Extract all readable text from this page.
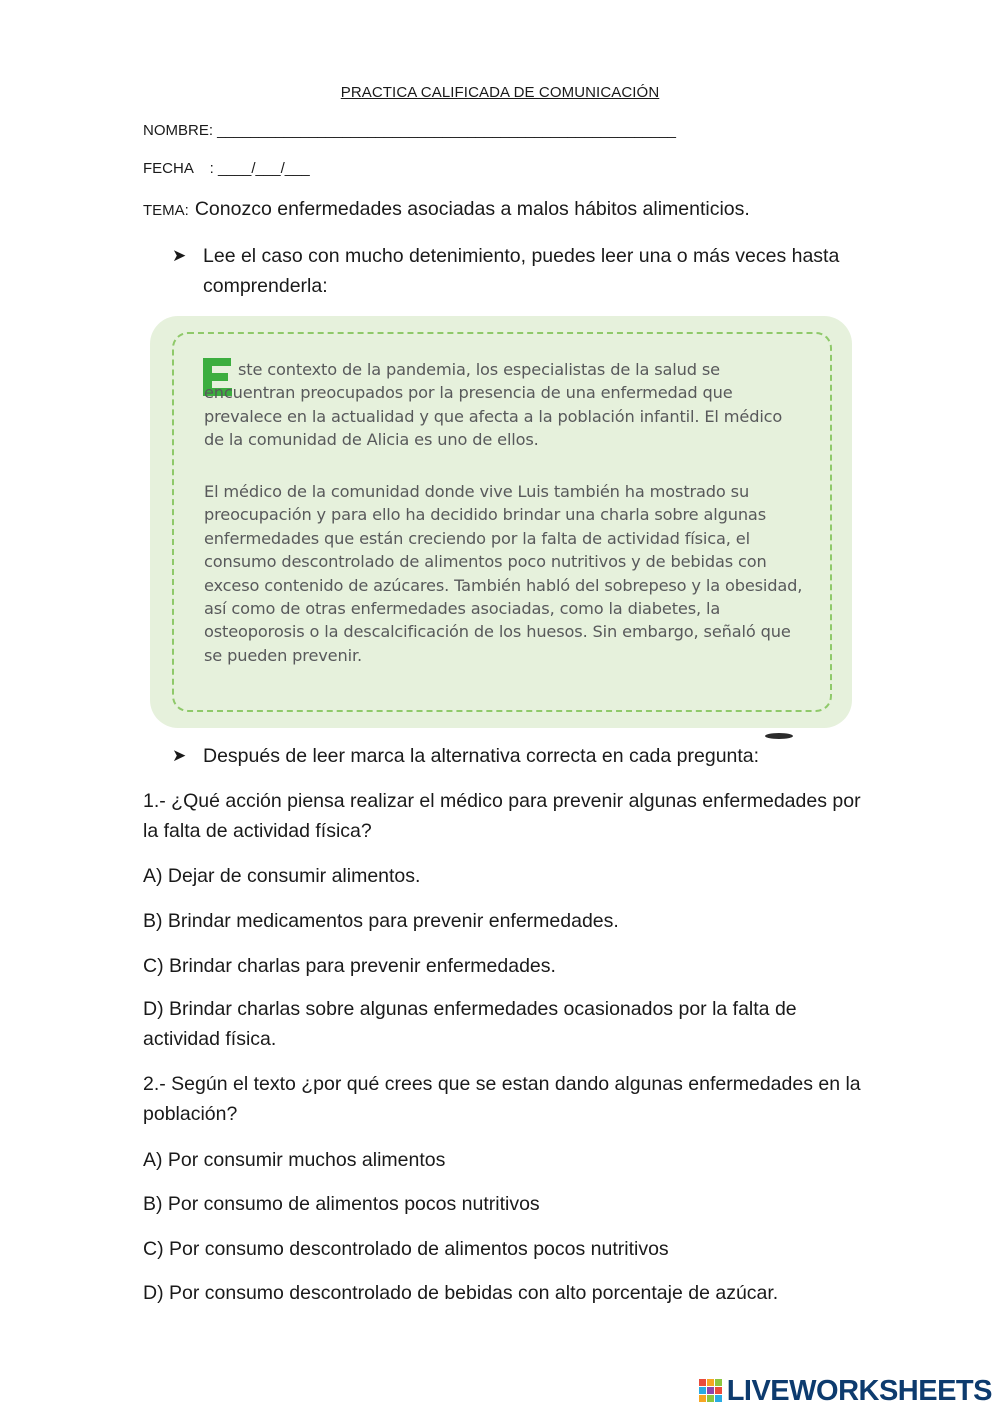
PRACTICA CALIFICADA DE COMUNICACIÓN
NOMBRE: _______________________________________________________
FECHA    : ____/___/___
TEMA: Conozco enfermedades asociadas a malos hábitos alimenticios.
➤ Lee el caso con mucho detenimiento, puedes leer una o más veces hasta comprenderla:
E
ste contexto de la pandemia, los especialistas de la salud se encuentran preocupados por la presencia de una enfermedad que prevalece en la actualidad y que afecta a la población infantil. El médico de la comunidad de Alicia es uno de ellos.
El médico de la comunidad donde vive Luis también ha mostrado su preocupación y para ello ha decidido brindar una charla sobre algunas enfermedades que están creciendo por la falta de actividad física, el consumo descontrolado de alimentos poco nutritivos y de bebidas con exceso contenido de azúcares. También habló del sobrepeso y la obesidad, así como de otras enfermedades asociadas, como la diabetes, la osteoporosis o la descalcificación de los huesos. Sin embargo, señaló que se pueden prevenir.
➤ Después de leer marca la alternativa correcta en cada pregunta:
1.- ¿Qué acción piensa realizar el médico para prevenir algunas enfermedades por la falta de actividad física?
A) Dejar de consumir alimentos.
B) Brindar medicamentos para prevenir enfermedades.
C) Brindar charlas para prevenir enfermedades.
D) Brindar charlas sobre algunas enfermedades ocasionados por la falta de actividad física.
2.- Según el texto ¿por qué crees que se estan dando algunas enfermedades en la población?
A) Por consumir muchos alimentos
B) Por consumo de alimentos pocos nutritivos
C) Por consumo descontrolado de alimentos pocos nutritivos
D) Por consumo descontrolado de bebidas con alto porcentaje de azúcar.
LIVEWORKSHEETS
